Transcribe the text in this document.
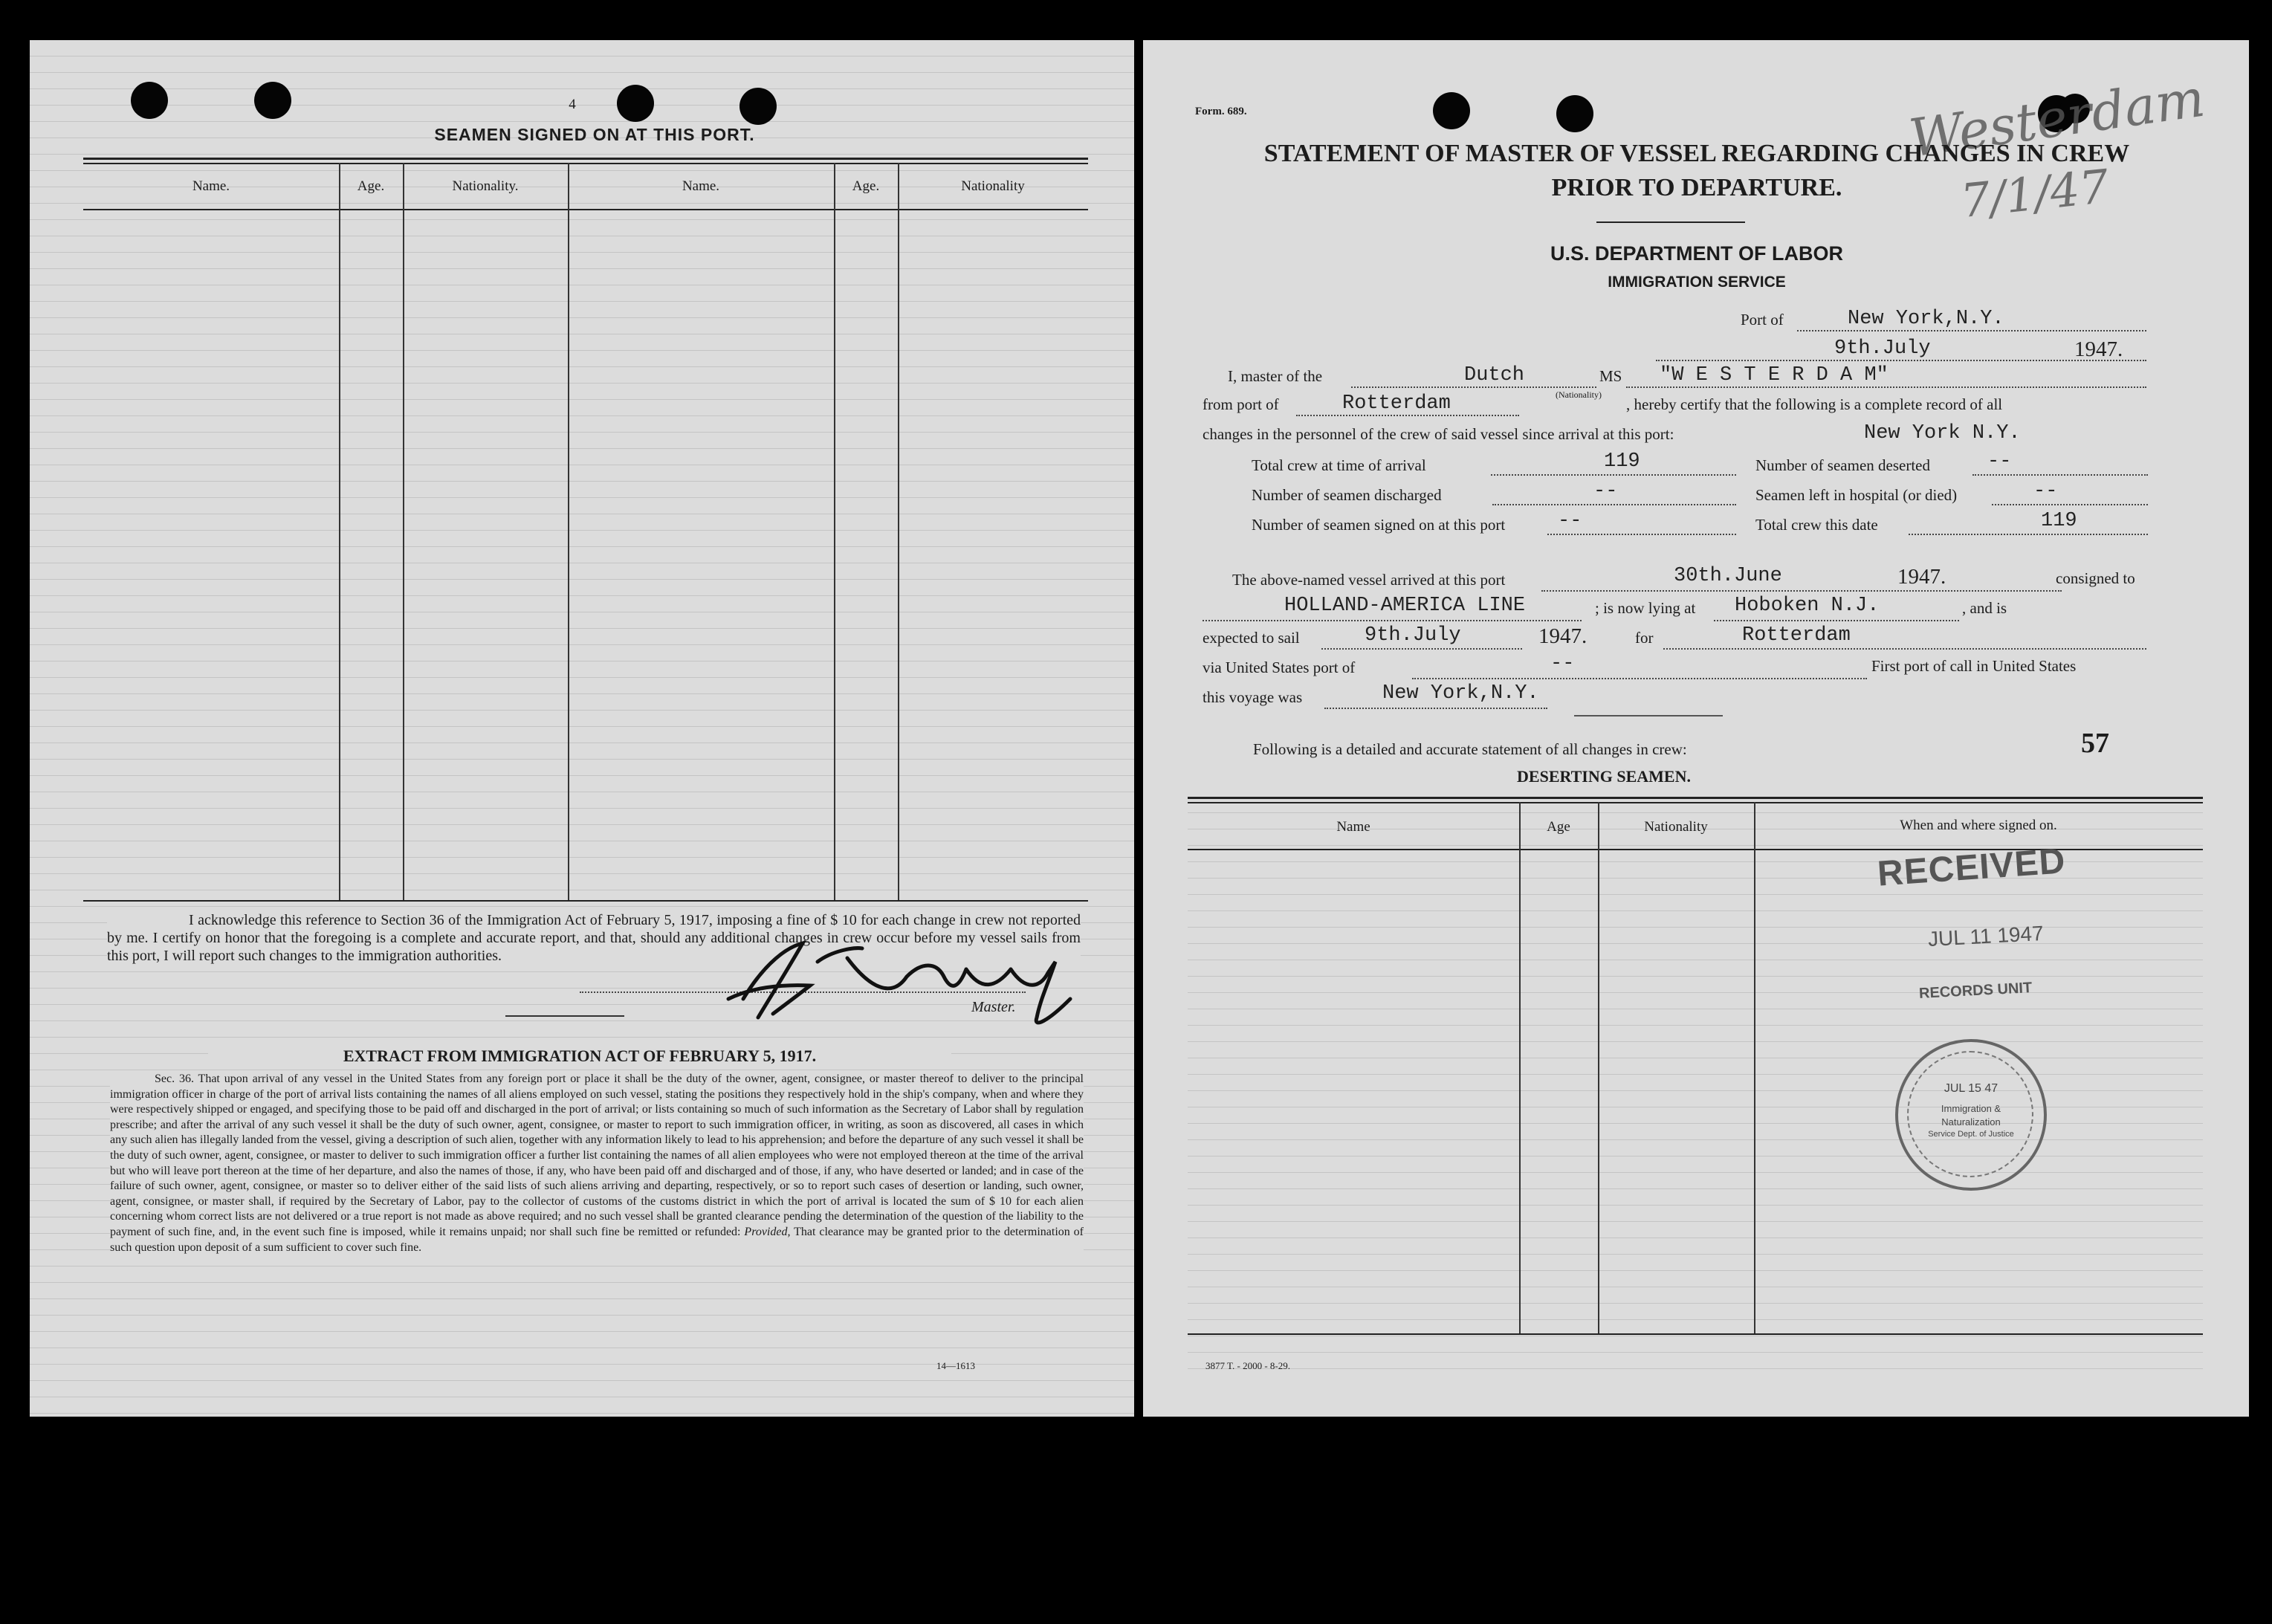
4
SEAMEN SIGNED ON AT THIS PORT.
Name.	Age.	Nationality.	Name.	Age.	Nationality
I acknowledge this reference to Section 36 of the Immigration Act of February 5, 1917, imposing a fine of $ 10 for each change in crew not reported by me. I certify on honor that the foregoing is a complete and accurate report, and that, should any additional changes in crew occur before my vessel sails from this port, I will report such changes to the immigration authorities.
Master.
EXTRACT FROM IMMIGRATION ACT OF FEBRUARY 5, 1917.
Sec. 36. That upon arrival of any vessel in the United States from any foreign port or place it shall be the duty of the owner, agent, consignee, or master thereof to deliver to the principal immigration officer in charge of the port of arrival lists containing the names of all aliens employed on such vessel, stating the positions they respectively hold in the ship's company, when and where they were respectively shipped or engaged, and specifying those to be paid off and discharged in the port of arrival; or lists containing so much of such information as the Secretary of Labor shall by regulation prescribe; and after the arrival of any such vessel it shall be the duty of such owner, agent, consignee, or master to report to such immigration officer, in writing, as soon as discovered, all cases in which any such alien has illegally landed from the vessel, giving a description of such alien, together with any information likely to lead to his apprehension; and before the departure of any such vessel it shall be the duty of such owner, agent, consignee, or master to deliver to such immigration officer a further list containing the names of all alien employees who were not employed thereon at the time of the arrival but who will leave port thereon at the time of her departure, and also the names of those, if any, who have been paid off and discharged and of those, if any, who have deserted or landed; and in case of the failure of such owner, agent, consignee, or master so to deliver either of the said lists of such aliens arriving and departing, respectively, or so to report such cases of desertion or landing, such owner, agent, consignee, or master shall, if required by the Secretary of Labor, pay to the collector of customs of the customs district in which the port of arrival is located the sum of $ 10 for each alien concerning whom correct lists are not delivered or a true report is not made as above required; and no such vessel shall be granted clearance pending the determination of the question of the liability to the payment of such fine, and, in the event such fine is imposed, while it remains unpaid; nor shall such fine be remitted or refunded: Provided, That clearance may be granted prior to the determination of such question upon deposit of a sum sufficient to cover such fine.
14—1613
Form. 689.	Westerdam
7/1/47
STATEMENT OF MASTER OF VESSEL REGARDING CHANGES IN CREW
PRIOR TO DEPARTURE.
U.S. DEPARTMENT OF LABOR
IMMIGRATION SERVICE
Port of	New York,N.Y.
9th.July	1947.
I, master of the	Dutch
(Nationality)
MS "W E S T E R D A M"
from port of	Rotterdam	, hereby certify that the following is a complete record of all
changes in the personnel of the crew of said vessel since arrival at this port:	New York N.Y.
Total crew at time of arrival	119	Number of seamen deserted	--
Number of seamen discharged	--	Seamen left in hospital (or died)	--
Number of seamen signed on at this port	--	Total crew this date	119
The above-named vessel arrived at this port	30th.June	1947.	consigned to
HOLLAND-AMERICA LINE	; is now lying at Hoboken N.J.	, and is
expected to sail	9th.July	1947.	for	Rotterdam
via United States port of	--	First port of call in United States
this voyage was	New York,N.Y.
Following is a detailed and accurate statement of all changes in crew:	57
DESERTING SEAMEN.
Name	Age	Nationality	When and where signed on.
RECEIVED
JUL 11 1947
RECORDS UNIT
JUL 15 47
Immigration &
Naturalization
Service Dept. of Justice
3877 T. - 2000 - 8-29.
